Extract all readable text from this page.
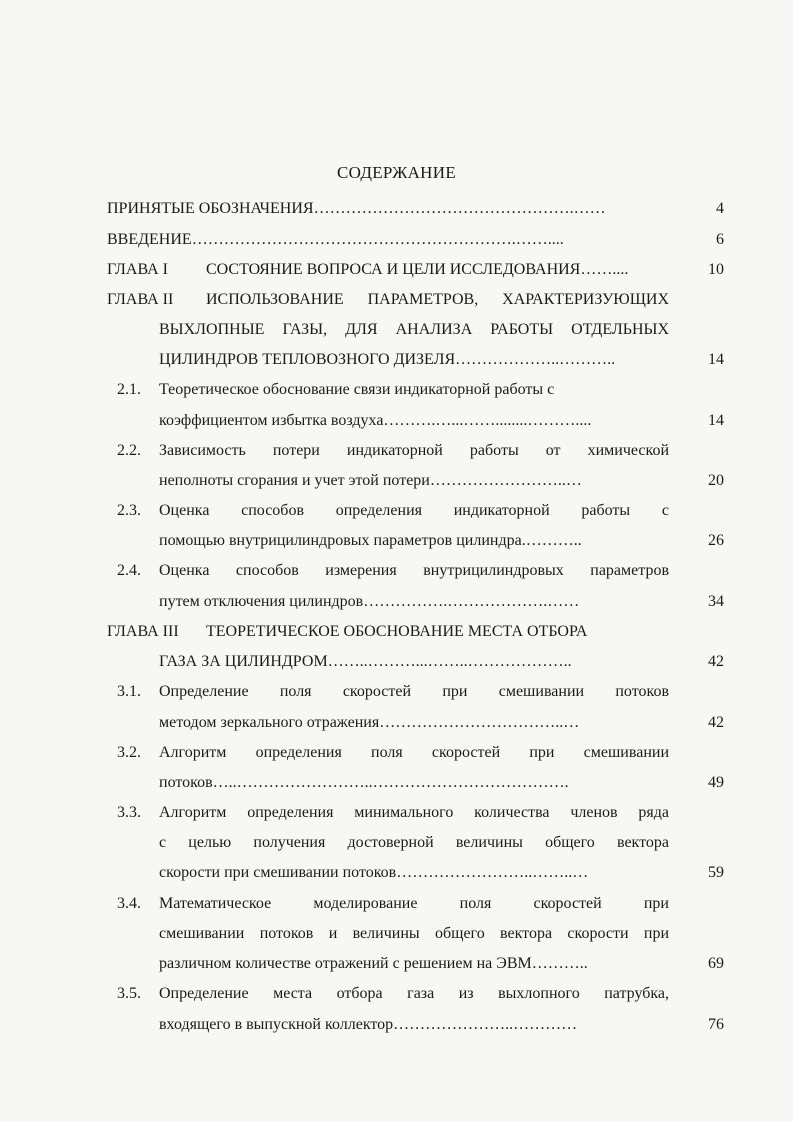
СОДЕРЖАНИЕ
ПРИНЯТЫЕ ОБОЗНАЧЕНИЯ………………………………………….……	4
ВВЕДЕНИЕ…………………………………………………….……....	6
ГЛАВА I СОСТОЯНИЕ ВОПРОСА И ЦЕЛИ ИССЛЕДОВАНИЯ……....	10
ГЛАВА II ИСПОЛЬЗОВАНИЕ ПАРАМЕТРОВ, ХАРАКТЕРИЗУЮЩИХ
ВЫХЛОПНЫЕ ГАЗЫ, ДЛЯ АНАЛИЗА РАБОТЫ ОТДЕЛЬНЫХ
ЦИЛИНДРОВ ТЕПЛОВОЗНОГО ДИЗЕЛЯ………………..………..	14
2.1. Теоретическое обоснование связи индикаторной работы с
коэффициентом избытка воздуха……….…...……........………....	14
2.2. Зависимость потери индикаторной работы от химической
неполноты сгорания и учет этой потери……………………..…	20
2.3. Оценка способов определения индикаторной работы с
помощью внутрицилиндровых параметров цилиндра.………..	26
2.4. Оценка способов измерения внутрицилиндровых параметров
путем отключения цилиндров…………….……………….……	34
ГЛАВА III ТЕОРЕТИЧЕСКОЕ ОБОСНОВАНИЕ МЕСТА ОТБОРА
ГАЗА ЗА ЦИЛИНДРОМ……..………...……..………………..	42
3.1. Определение поля скоростей при смешивании потоков
методом зеркального отражения……………………………..…	42
3.2. Алгоритм определения поля скоростей при смешивании
потоков…..……………………..……………………………….	49
3.3. Алгоритм определения минимального количества членов ряда
с целью получения достоверной величины общего вектора
скорости при смешивании потоков……………………..……..…	59
3.4. Математическое моделирование поля скоростей при
смешивании потоков и величины общего вектора скорости при
различном количестве отражений с решением на ЭВМ………..	69
3.5. Определение места отбора газа из выхлопного патрубка,
входящего в выпускной коллектор…………………..…………	76
